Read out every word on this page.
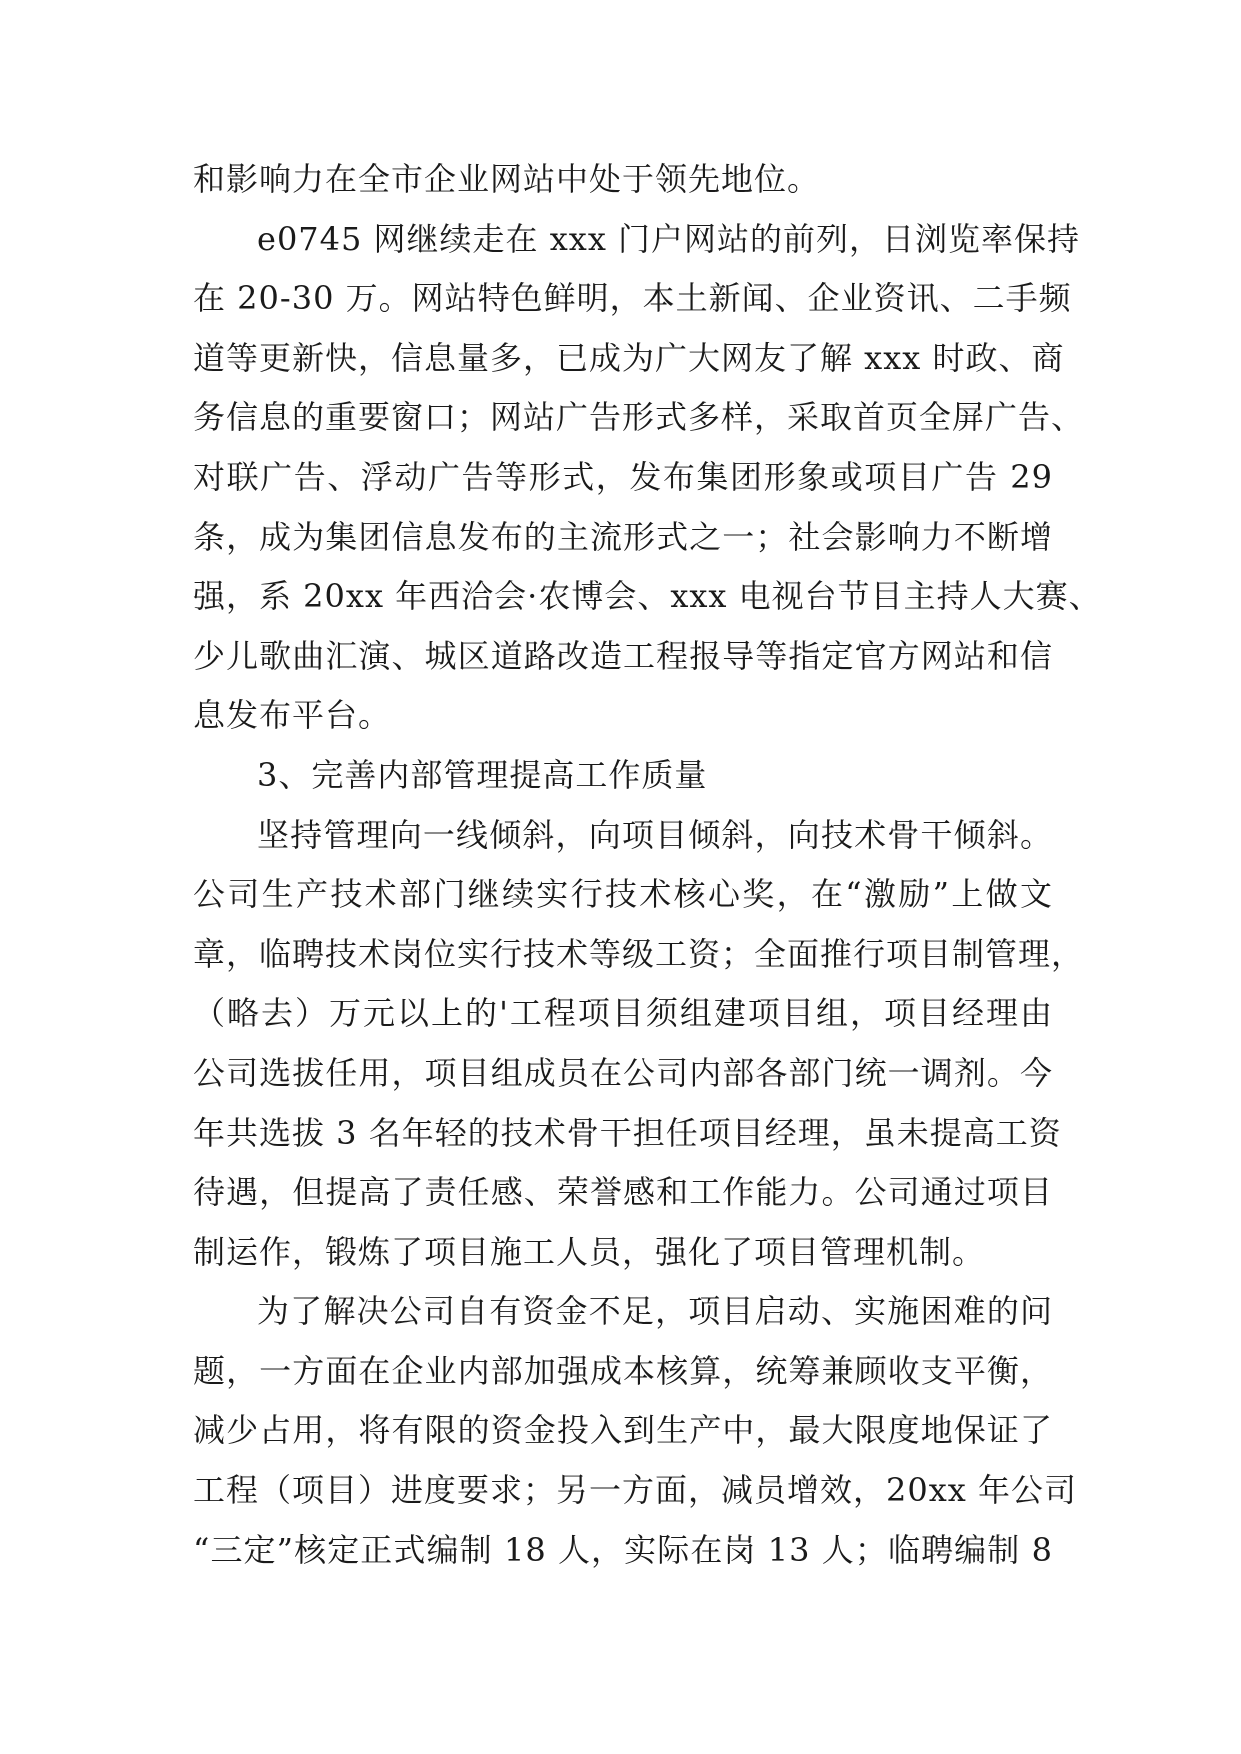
和影响力在全市企业网站中处于领先地位。
e0745 网继续走在 xxx 门户网站的前列，日浏览率保持
在 20-30 万。网站特色鲜明，本土新闻、企业资讯、二手频
道等更新快，信息量多，已成为广大网友了解 xxx 时政、商
务信息的重要窗口；网站广告形式多样，采取首页全屏广告、
对联广告、浮动广告等形式，发布集团形象或项目广告 29
条，成为集团信息发布的主流形式之一；社会影响力不断增
强，系 20xx 年西洽会·农博会、xxx 电视台节目主持人大赛、
少儿歌曲汇演、城区道路改造工程报导等指定官方网站和信
息发布平台。
3、完善内部管理提高工作质量
坚持管理向一线倾斜，向项目倾斜，向技术骨干倾斜。
公司生产技术部门继续实行技术核心奖，在“激励”上做文
章，临聘技术岗位实行技术等级工资；全面推行项目制管理，
（略去）万元以上的'工程项目须组建项目组，项目经理由
公司选拔任用，项目组成员在公司内部各部门统一调剂。今
年共选拔 3 名年轻的技术骨干担任项目经理，虽未提高工资
待遇，但提高了责任感、荣誉感和工作能力。公司通过项目
制运作，锻炼了项目施工人员，强化了项目管理机制。
为了解决公司自有资金不足，项目启动、实施困难的问
题，一方面在企业内部加强成本核算，统筹兼顾收支平衡，
减少占用，将有限的资金投入到生产中，最大限度地保证了
工程（项目）进度要求；另一方面，减员增效，20xx 年公司
“三定”核定正式编制 18 人，实际在岗 13 人；临聘编制 8
